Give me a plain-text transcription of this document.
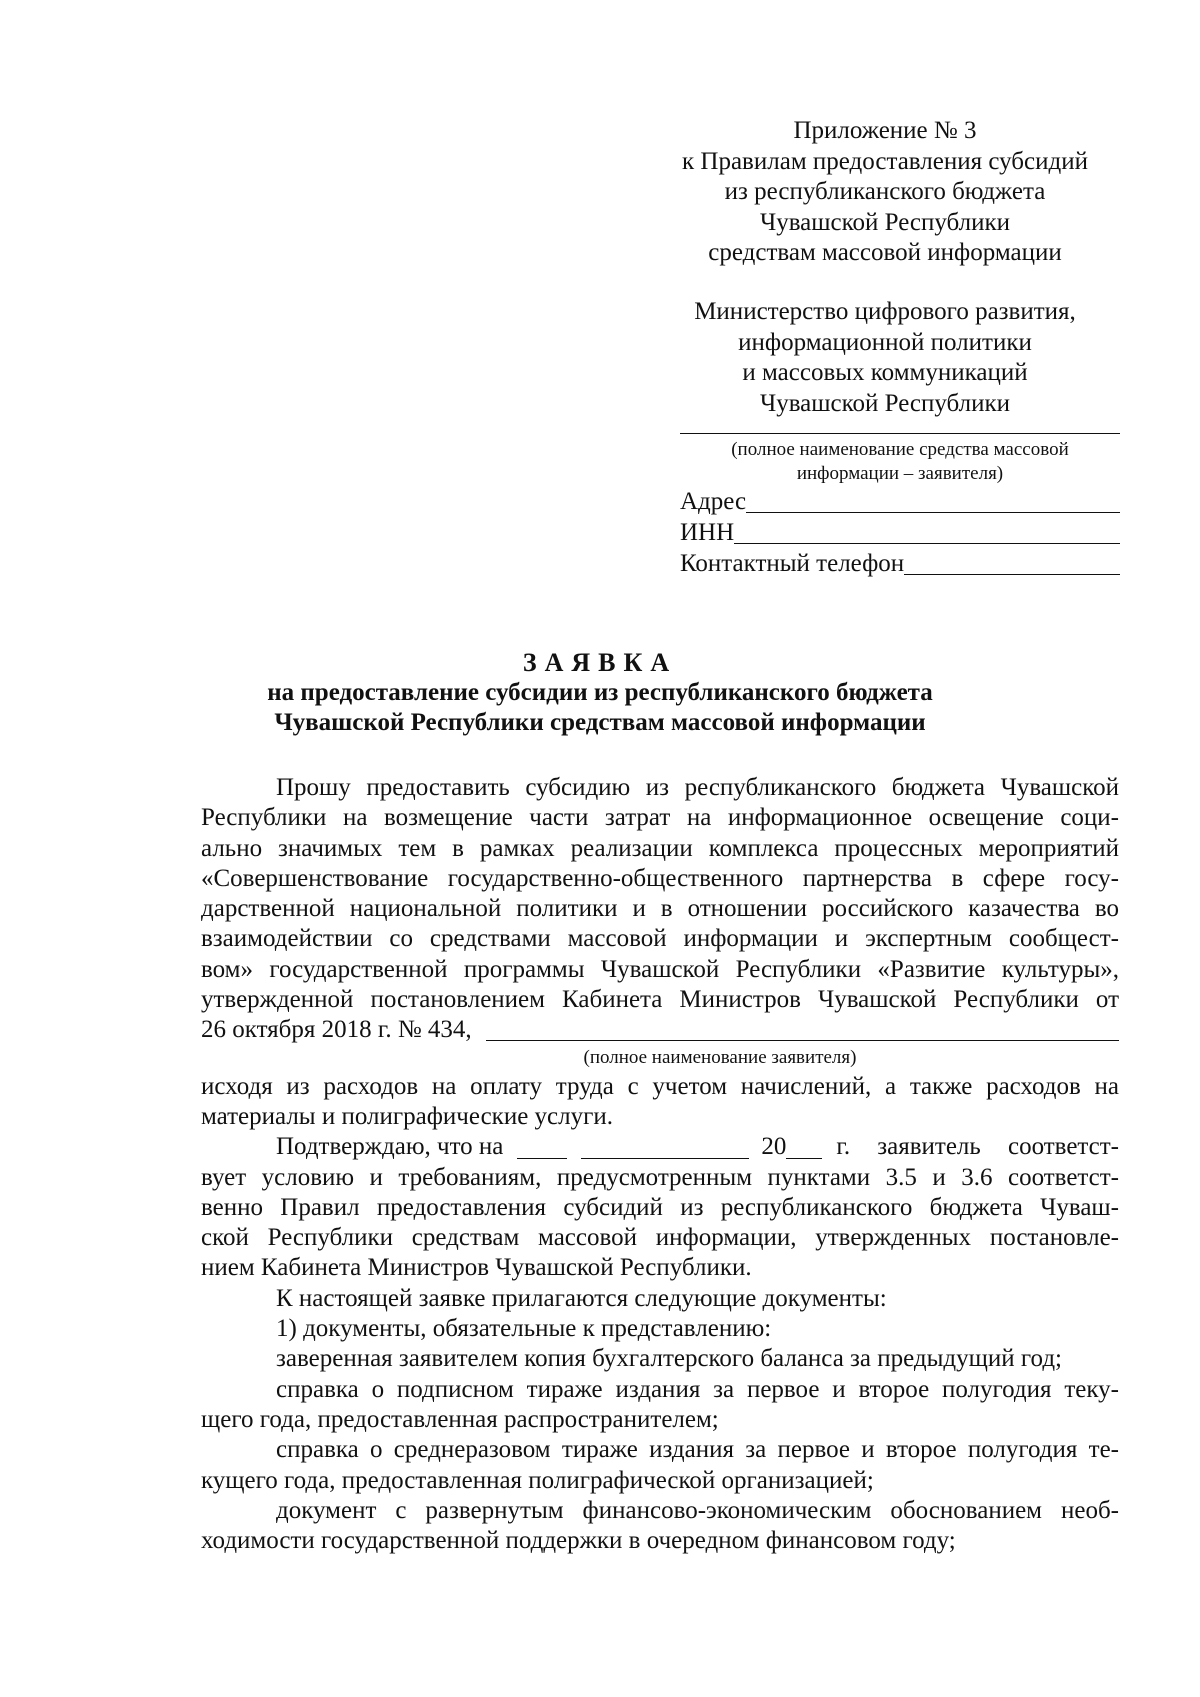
Приложение № 3
к Правилам предоставления субсидий
из республиканского бюджета
Чувашской Республики
средствам массовой информации
Министерство цифрового развития,
информационной политики
и массовых коммуникаций
Чувашской Республики
(полное наименование средства массовой
информации – заявителя)
Адрес
ИНН
Контактный телефон
ЗАЯВКА
на предоставление субсидии из республиканского бюджета
Чувашской Республики средствам массовой информации
Прошу предоставить субсидию из республиканского бюджета Чувашской
Республики на возмещение части затрат на информационное освещение соци-
ально значимых тем в рамках реализации комплекса процессных мероприятий
«Совершенствование государственно-общественного партнерства в сфере госу-
дарственной национальной политики и в отношении российского казачества во
взаимодействии со средствами массовой информации и экспертным сообщест-
вом» государственной программы Чувашской Республики «Развитие культуры»,
утвержденной постановлением Кабинета Министров Чувашской Республики от
26 октября 2018 г. № 434,
(полное наименование заявителя)
исходя из расходов на оплату труда с учетом начислений, а также расходов на
материалы и полиграфические услуги.
Подтверждаю, что на	20 г. заявитель соответст-
вует условию и требованиям, предусмотренным пунктами 3.5 и 3.6 соответст-
венно Правил предоставления субсидий из республиканского бюджета Чуваш-
ской Республики средствам массовой информации, утвержденных постановле-
нием Кабинета Министров Чувашской Республики.
К настоящей заявке прилагаются следующие документы:
1) документы, обязательные к представлению:
заверенная заявителем копия бухгалтерского баланса за предыдущий год;
справка о подписном тираже издания за первое и второе полугодия теку-
щего года, предоставленная распространителем;
справка о среднеразовом тираже издания за первое и второе полугодия те-
кущего года, предоставленная полиграфической организацией;
документ с развернутым финансово-экономическим обоснованием необ-
ходимости государственной поддержки в очередном финансовом году;
